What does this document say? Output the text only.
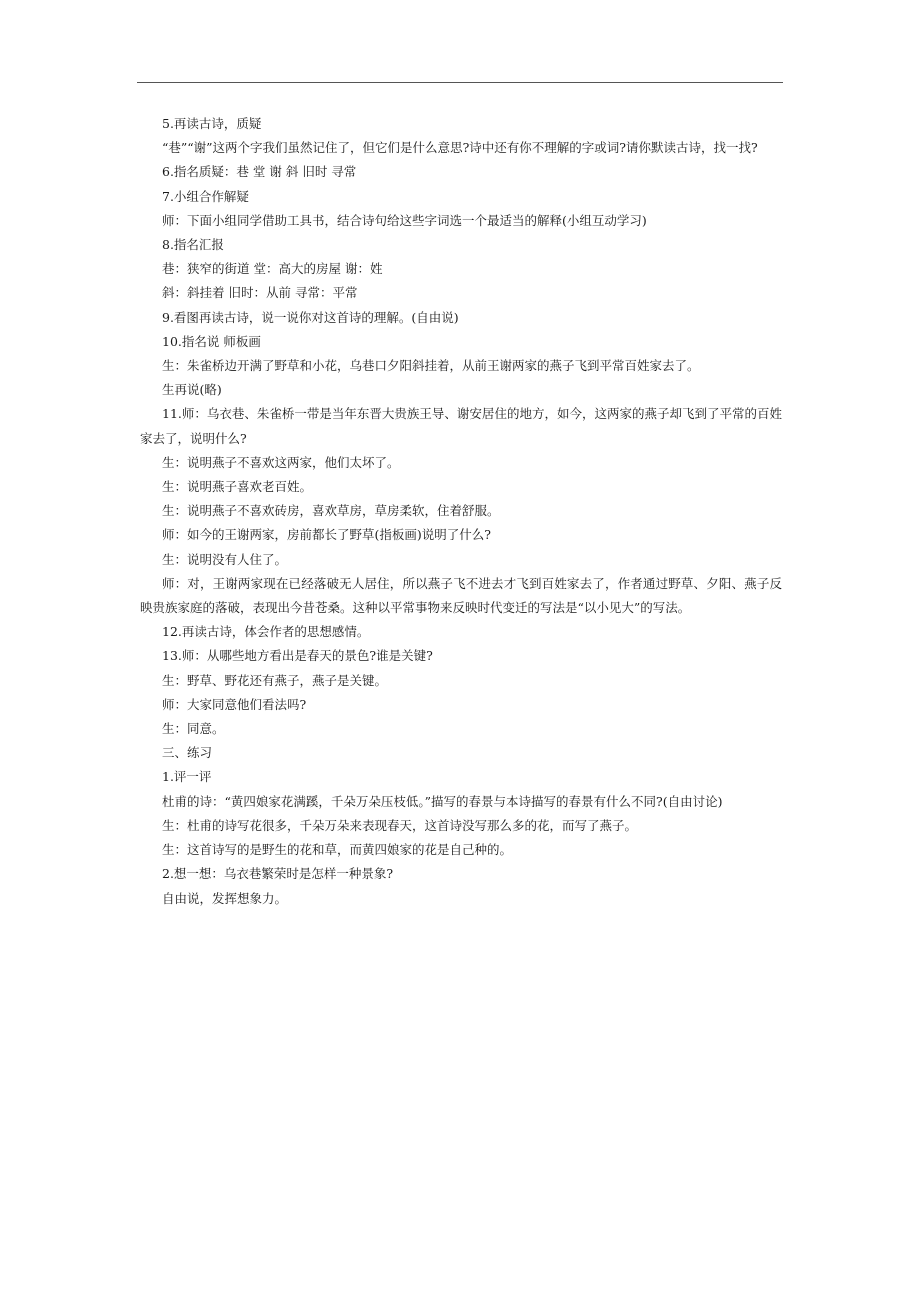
5.再读古诗，质疑

“巷”“谢”这两个字我们虽然记住了，但它们是什么意思?诗中还有你不理解的字或词?请你默读古诗，找一找?

6.指名质疑：巷 堂 谢 斜 旧时 寻常

7.小组合作解疑

师：下面小组同学借助工具书，结合诗句给这些字词选一个最适当的解释(小组互动学习)

8.指名汇报

巷：狭窄的街道 堂：高大的房屋 谢：姓

斜：斜挂着 旧时：从前 寻常：平常

9.看图再读古诗，说一说你对这首诗的理解。(自由说)

10.指名说 师板画

生：朱雀桥边开满了野草和小花，乌巷口夕阳斜挂着，从前王谢两家的燕子飞到平常百姓家去了。

生再说(略)

11.师：乌衣巷、朱雀桥一带是当年东晋大贵族王导、谢安居住的地方，如今，这两家的燕子却飞到了平常的百姓家去了，说明什么?

生：说明燕子不喜欢这两家，他们太坏了。

生：说明燕子喜欢老百姓。

生：说明燕子不喜欢砖房，喜欢草房，草房柔软，住着舒服。

师：如今的王谢两家，房前都长了野草(指板画)说明了什么?

生：说明没有人住了。

师：对，王谢两家现在已经落破无人居住，所以燕子飞不进去才飞到百姓家去了，作者通过野草、夕阳、燕子反映贵族家庭的落破，表现出今昔苍桑。这种以平常事物来反映时代变迁的写法是“以小见大”的写法。

12.再读古诗，体会作者的思想感情。

13.师：从哪些地方看出是春天的景色?谁是关键?

生：野草、野花还有燕子，燕子是关键。

师：大家同意他们看法吗?

生：同意。

三、练习

1.评一评

杜甫的诗：“黄四娘家花满蹊，千朵万朵压枝低。”描写的春景与本诗描写的春景有什么不同?(自由讨论)

生：杜甫的诗写花很多，千朵万朵来表现春天，这首诗没写那么多的花，而写了燕子。

生：这首诗写的是野生的花和草，而黄四娘家的花是自己种的。

2.想一想：乌衣巷繁荣时是怎样一种景象?

自由说，发挥想象力。
